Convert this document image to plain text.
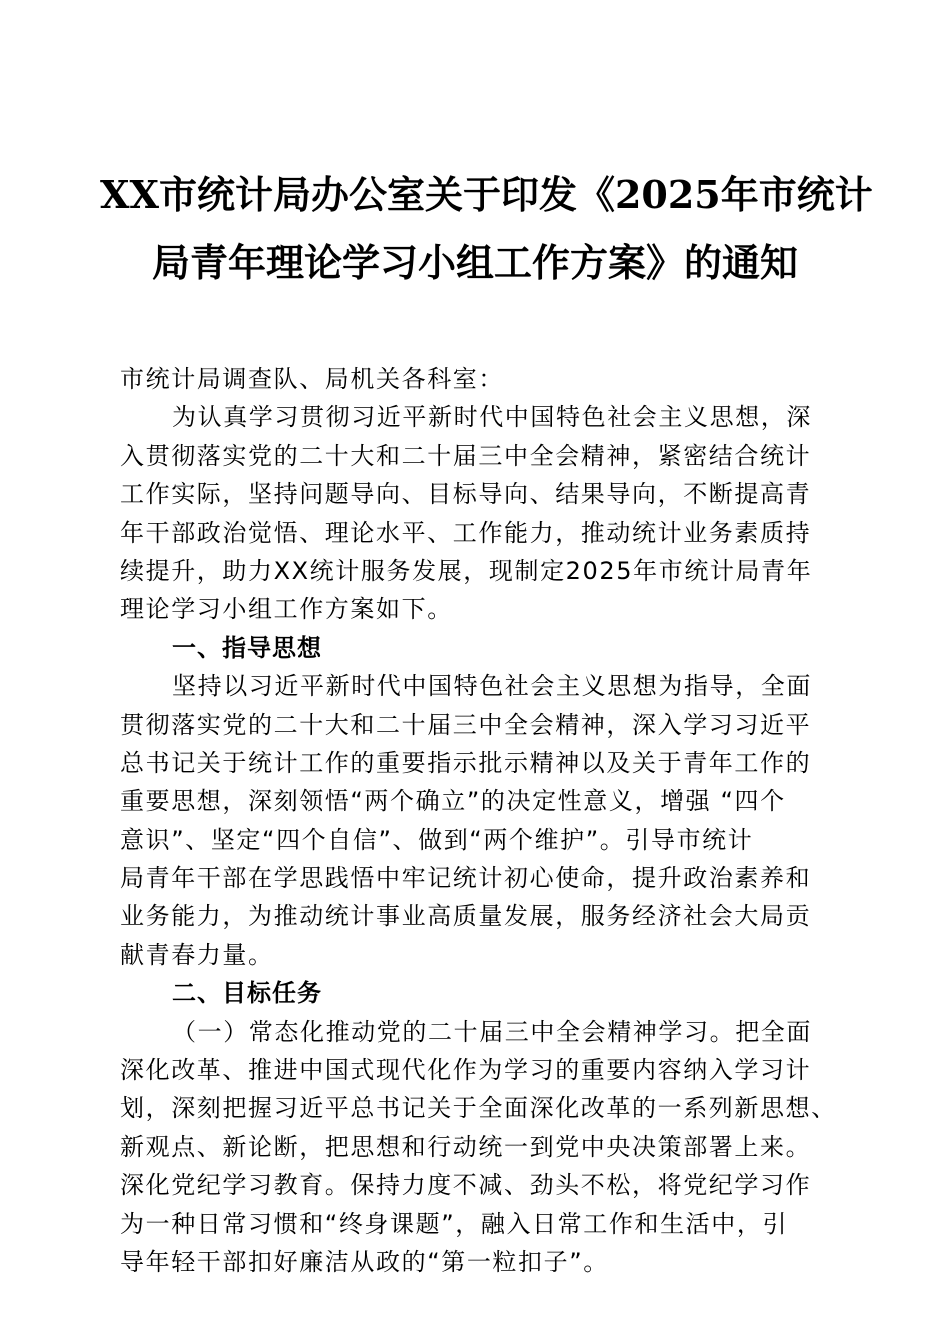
XX市统计局办公室关于印发《2025年市统计
局青年理论学习小组工作方案》的通知
市统计局调查队、局机关各科室：
为认真学习贯彻习近平新时代中国特色社会主义思想，深
入贯彻落实党的二十大和二十届三中全会精神，紧密结合统计
工作实际，坚持问题导向、目标导向、结果导向，不断提高青
年干部政治觉悟、理论水平、工作能力，推动统计业务素质持
续提升，助力XX统计服务发展，现制定2025年市统计局青年
理论学习小组工作方案如下。
一、指导思想
坚持以习近平新时代中国特色社会主义思想为指导，全面
贯彻落实党的二十大和二十届三中全会精神，深入学习习近平
总书记关于统计工作的重要指示批示精神以及关于青年工作的
重要思想，深刻领悟“两个确立”的决定性意义，增强 “四个
意识”、坚定“四个自信”、做到“两个维护”。引导市统计
局青年干部在学思践悟中牢记统计初心使命，提升政治素养和
业务能力，为推动统计事业高质量发展，服务经济社会大局贡
献青春力量。
二、目标任务
（一）常态化推动党的二十届三中全会精神学习。把全面
深化改革、推进中国式现代化作为学习的重要内容纳入学习计
划，深刻把握习近平总书记关于全面深化改革的一系列新思想、
新观点、新论断，把思想和行动统一到党中央决策部署上来。
深化党纪学习教育。保持力度不减、劲头不松，将党纪学习作
为一种日常习惯和“终身课题”，融入日常工作和生活中，引
导年轻干部扣好廉洁从政的“第一粒扣子”。
